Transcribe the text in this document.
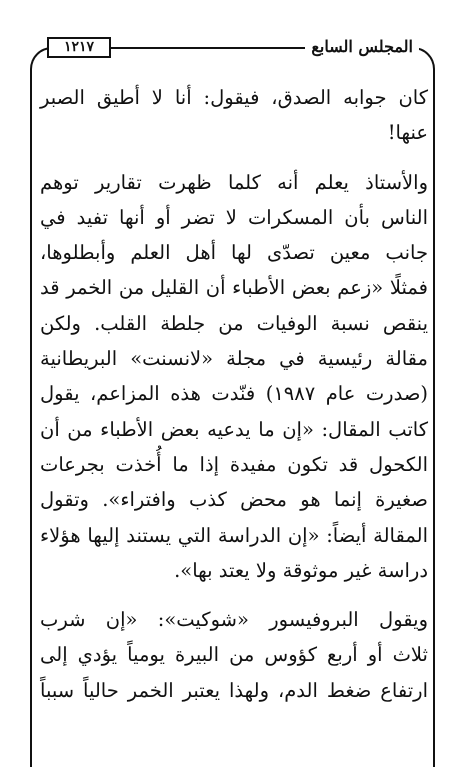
المجلس السابع
١٢١٧

كان جوابه الصدق، فيقول: أنا لا أطيق الصبر
عنها!

والأستاذ يعلم أنه كلما ظهرت تقارير توهم
الناس بأن المسكرات لا تضر أو أنها تفيد في
جانب معين تصدّى لها أهل العلم وأبطلوها،
فمثلًا «زعم بعض الأطباء أن القليل من الخمر قد
ينقص نسبة الوفيات من جلطة القلب. ولكن
مقالة رئيسية في مجلة «لانسنت» البريطانية
(صدرت عام ١٩٨٧) فنّدت هذه المزاعم، يقول
كاتب المقال: «إن ما يدعيه بعض الأطباء من أن
الكحول قد تكون مفيدة إذا ما أُخذت بجرعات
صغيرة إنما هو محض كذب وافتراء». وتقول
المقالة أيضاً: «إن الدراسة التي يستند إليها هؤلاء
دراسة غير موثوقة ولا يعتد بها».

ويقول البروفيسور «شوكيت»: «إن شرب
ثلاث أو أربع كؤوس من البيرة يومياً يؤدي إلى
ارتفاع ضغط الدم، ولهذا يعتبر الخمر حالياً سبباً
